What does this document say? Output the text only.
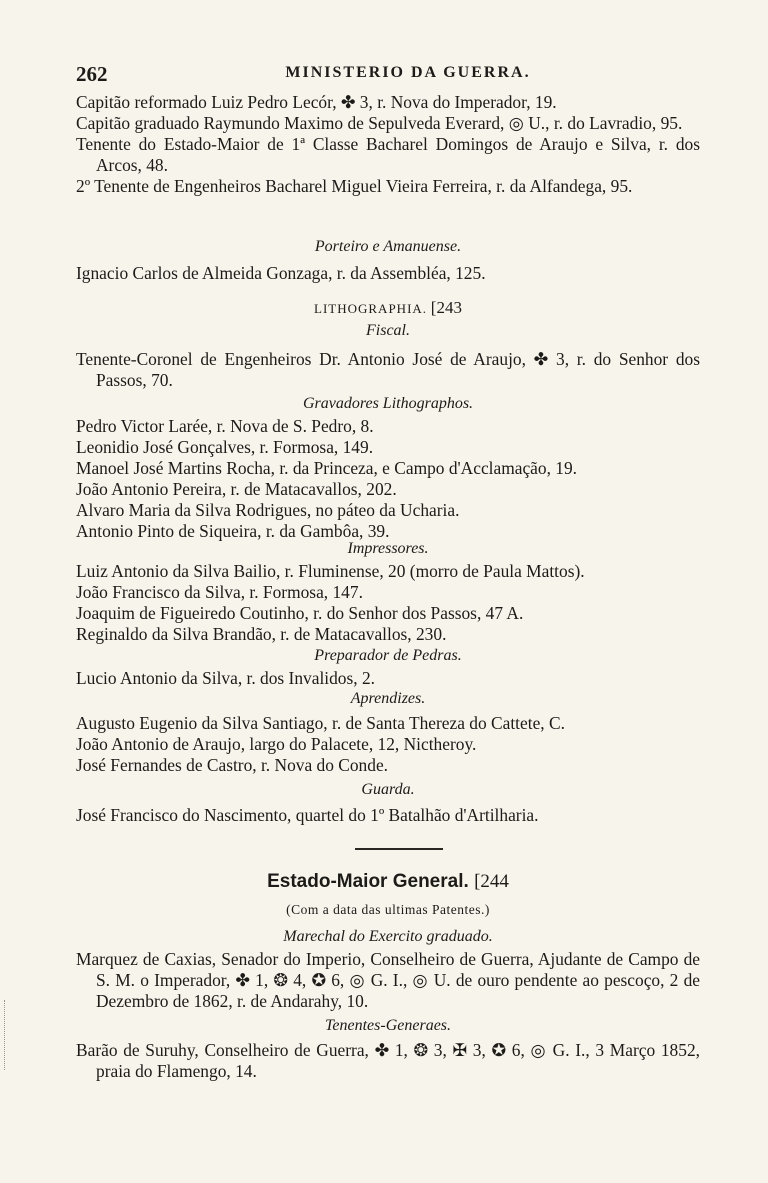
262	MINISTERIO DA GUERRA.

Capitão reformado Luiz Pedro Lecór, ✤ 3, r. Nova do Imperador, 19.

Capitão graduado Raymundo Maximo de Sepulveda Everard, ◎ U., r. do Lavradio, 95.

Tenente do Estado-Maior de 1ª Classe Bacharel Domingos de Araujo e Silva, r. dos Arcos, 48.

2º Tenente de Engenheiros Bacharel Miguel Vieira Ferreira, r. da Alfandega, 95.

Porteiro e Amanuense.

Ignacio Carlos de Almeida Gonzaga, r. da Assembléa, 125.

LITHOGRAPHIA. [243

Fiscal.

Tenente-Coronel de Engenheiros Dr. Antonio José de Araujo, ✤ 3, r. do Senhor dos Passos, 70.

Gravadores Lithographos.

Pedro Victor Larée, r. Nova de S. Pedro, 8.

Leonidio José Gonçalves, r. Formosa, 149.

Manoel José Martins Rocha, r. da Princeza, e Campo d'Acclamação, 19.

João Antonio Pereira, r. de Matacavallos, 202.

Alvaro Maria da Silva Rodrigues, no páteo da Ucharia.

Antonio Pinto de Siqueira, r. da Gambôa, 39.

Impressores.

Luiz Antonio da Silva Bailio, r. Fluminense, 20 (morro de Paula Mattos).

João Francisco da Silva, r. Formosa, 147.

Joaquim de Figueiredo Coutinho, r. do Senhor dos Passos, 47 A.

Reginaldo da Silva Brandão, r. de Matacavallos, 230.

Preparador de Pedras.

Lucio Antonio da Silva, r. dos Invalidos, 2.

Aprendizes.

Augusto Eugenio da Silva Santiago, r. de Santa Thereza do Cattete, C.

João Antonio de Araujo, largo do Palacete, 12, Nictheroy.

José Fernandes de Castro, r. Nova do Conde.

Guarda.

José Francisco do Nascimento, quartel do 1º Batalhão d'Artilharia.

Estado-Maior General. [244

(Com a data das ultimas Patentes.)

Marechal do Exercito graduado.

Marquez de Caxias, Senador do Imperio, Conselheiro de Guerra, Ajudante de Campo de S. M. o Imperador, ✤ 1, ❂ 4, ✪ 6, ◎ G. I., ◎ U. de ouro pendente ao pescoço, 2 de Dezembro de 1862, r. de Andarahy, 10.

Tenentes-Generaes.

Barão de Suruhy, Conselheiro de Guerra, ✤ 1, ❂ 3, ✠ 3, ✪ 6, ◎ G. I., 3 Março 1852, praia do Flamengo, 14.
